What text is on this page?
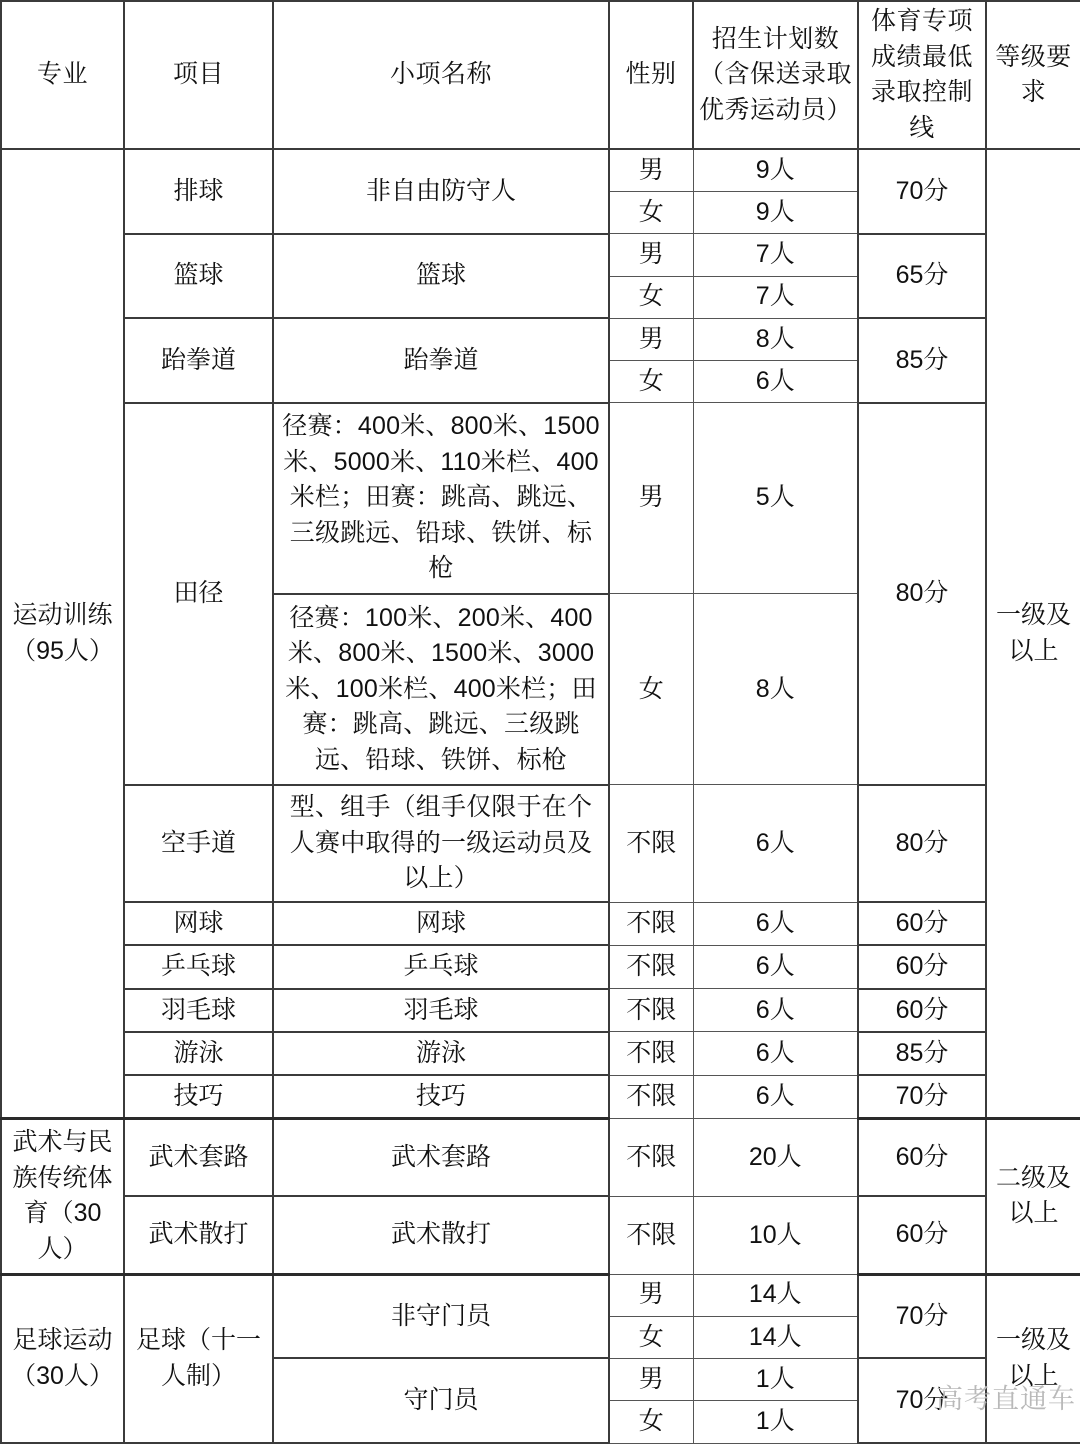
专业	项目	小项名称	性别	招生计划数（含保送录取优秀运动员）	体育专项成绩最低录取控制线	等级要求
运动训练（95人）	排球	非自由防守人	男	9人	70分	一级及以上
			女	9人		
	篮球	篮球	男	7人	65分	
			女	7人		
	跆拳道	跆拳道	男	8人	85分	
			女	6人		
	田径	径赛：400米、800米、1500米、5000米、110米栏、400米栏；田赛：跳高、跳远、三级跳远、铅球、铁饼、标枪	男	5人	80分	
		径赛：100米、200米、400米、800米、1500米、3000米、100米栏、400米栏；田赛：跳高、跳远、三级跳远、铅球、铁饼、标枪	女	8人		
	空手道	型、组手（组手仅限于在个人赛中取得的一级运动员及以上）	不限	6人	80分	
	网球	网球	不限	6人	60分	
	乒乓球	乒乓球	不限	6人	60分	
	羽毛球	羽毛球	不限	6人	60分	
	游泳	游泳	不限	6人	85分	
	技巧	技巧	不限	6人	70分	
武术与民族传统体育（30人）	武术套路	武术套路	不限	20人	60分	二级及以上
	武术散打	武术散打	不限	10人	60分	
足球运动（30人）	足球（十一人制）	非守门员	男	14人	70分	一级及以上
			女	14人		
		守门员	男	1人	70分	
			女	1人		
高考直通车
